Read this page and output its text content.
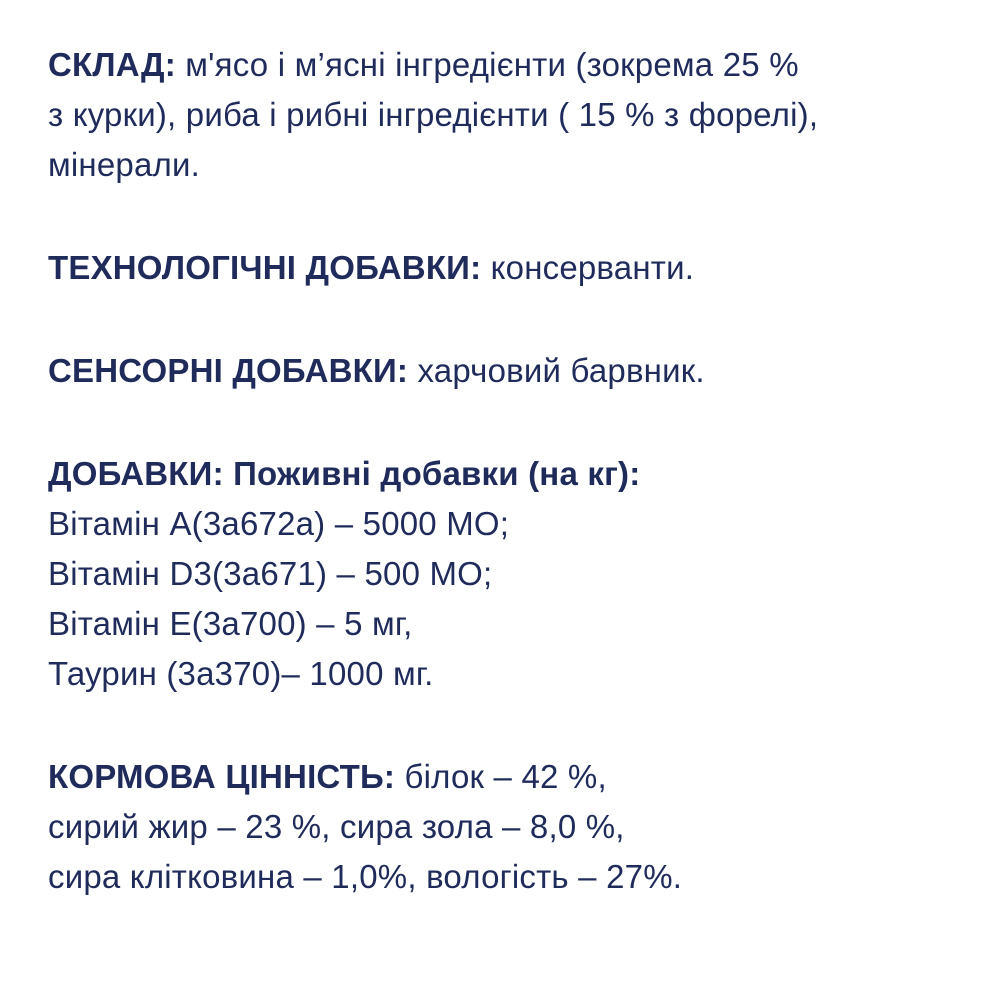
СКЛАД: м'ясо і м’ясні інгредієнти (зокрема 25 %
з курки), риба і рибні інгредієнти ( 15 % з форелі),
мінерали.
ТЕХНОЛОГІЧНІ ДОБАВКИ: консерванти.
СЕНСОРНІ ДОБАВКИ: харчовий барвник.
ДОБАВКИ: Поживні добавки (на кг):
Вітамін А(3а672а) – 5000 МО;
Вітамін D3(3а671) – 500 МО;
Вітамін Е(3а700) – 5 мг,
Таурин (3а370)– 1000 мг.
КОРМОВА ЦІННІСТЬ: білок – 42 %,
сирий жир – 23 %, сира зола – 8,0 %,
сира клітковина – 1,0%, вологість – 27%.
